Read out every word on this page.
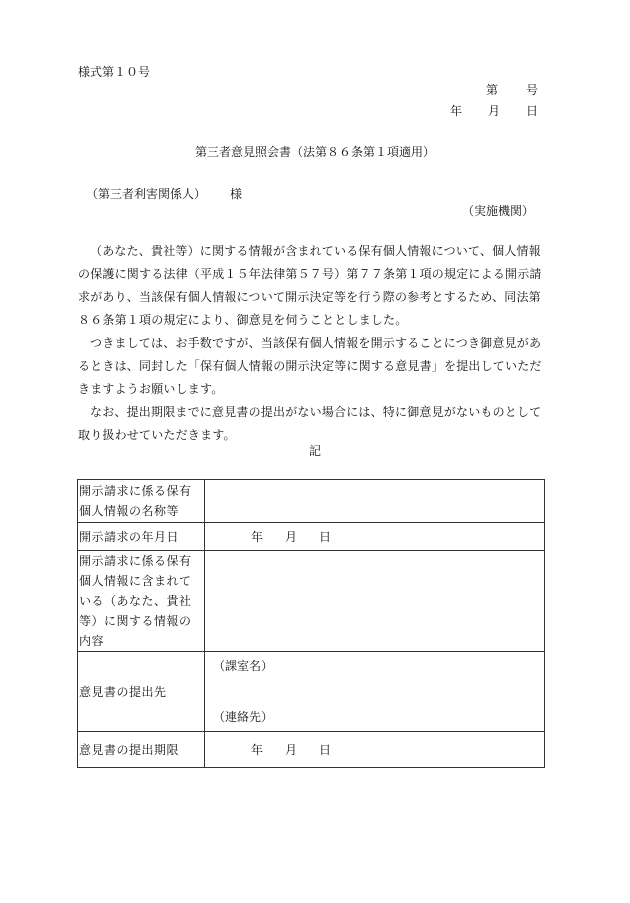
様式第１０号
第 号
年 月 日
第三者意見照会書（法第８６条第１項適用）
（第三者利害関係人） 様
（実施機関）

（あなた、貴社等）に関する情報が含まれている保有個人情報について、個人情報の保護に関する法律（平成１５年法律第５７号）第７７条第１項の規定による開示請求があり、当該保有個人情報について開示決定等を行う際の参考とするため、同法第８６条第１項の規定により、御意見を伺うこととしました。

つきましては、お手数ですが、当該保有個人情報を開示することにつき御意見があるときは、同封した「保有個人情報の開示決定等に関する意見書」を提出していただきますようお願いします。

なお、提出期限までに意見書の提出がない場合には、特に御意見がないものとして取り扱わせていただきます。

記
開示請求に係る保有個人情報の名称等	
開示請求の年月日	年 月 日
開示請求に係る保有個人情報に含まれている（あなた、貴社等）に関する情報の内容	
意見書の提出先	（課室名）
（連絡先）

意見書の提出期限	年 月 日
